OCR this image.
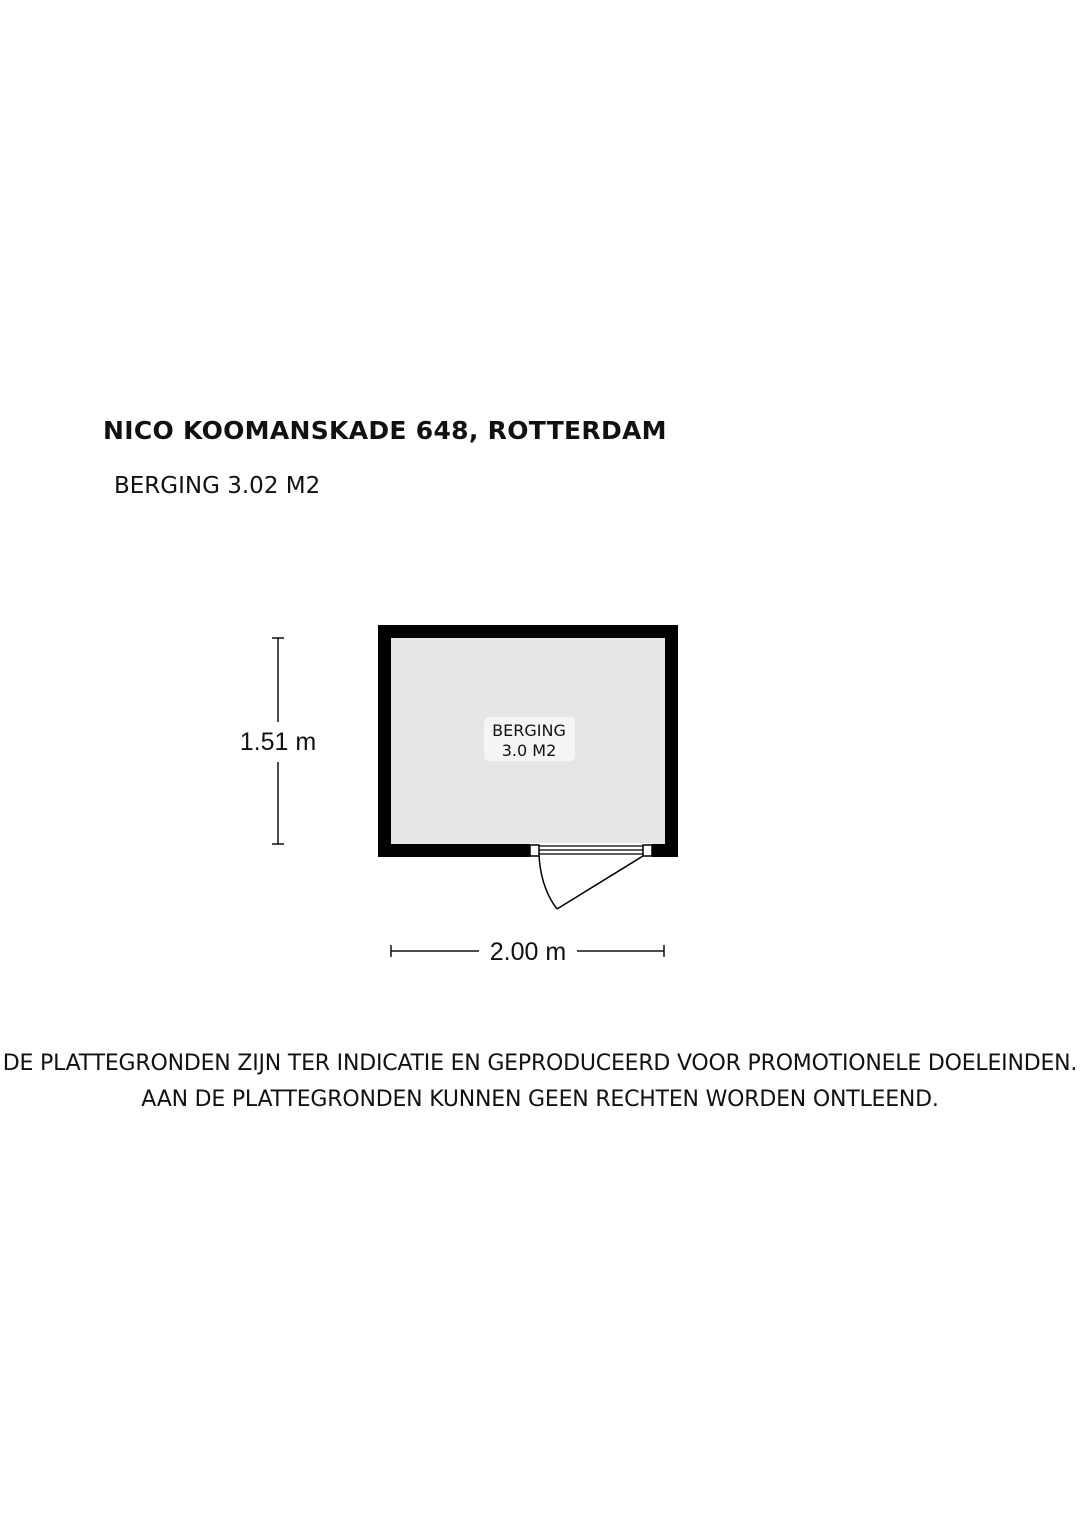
NICO KOOMANSKADE 648, ROTTERDAM
BERGING 3.02 M2
BERGING
3.0 M2
1.51 m
2.00 m
DE PLATTEGRONDEN ZIJN TER INDICATIE EN GEPRODUCEERD VOOR PROMOTIONELE DOELEINDEN.
AAN DE PLATTEGRONDEN KUNNEN GEEN RECHTEN WORDEN ONTLEEND.
